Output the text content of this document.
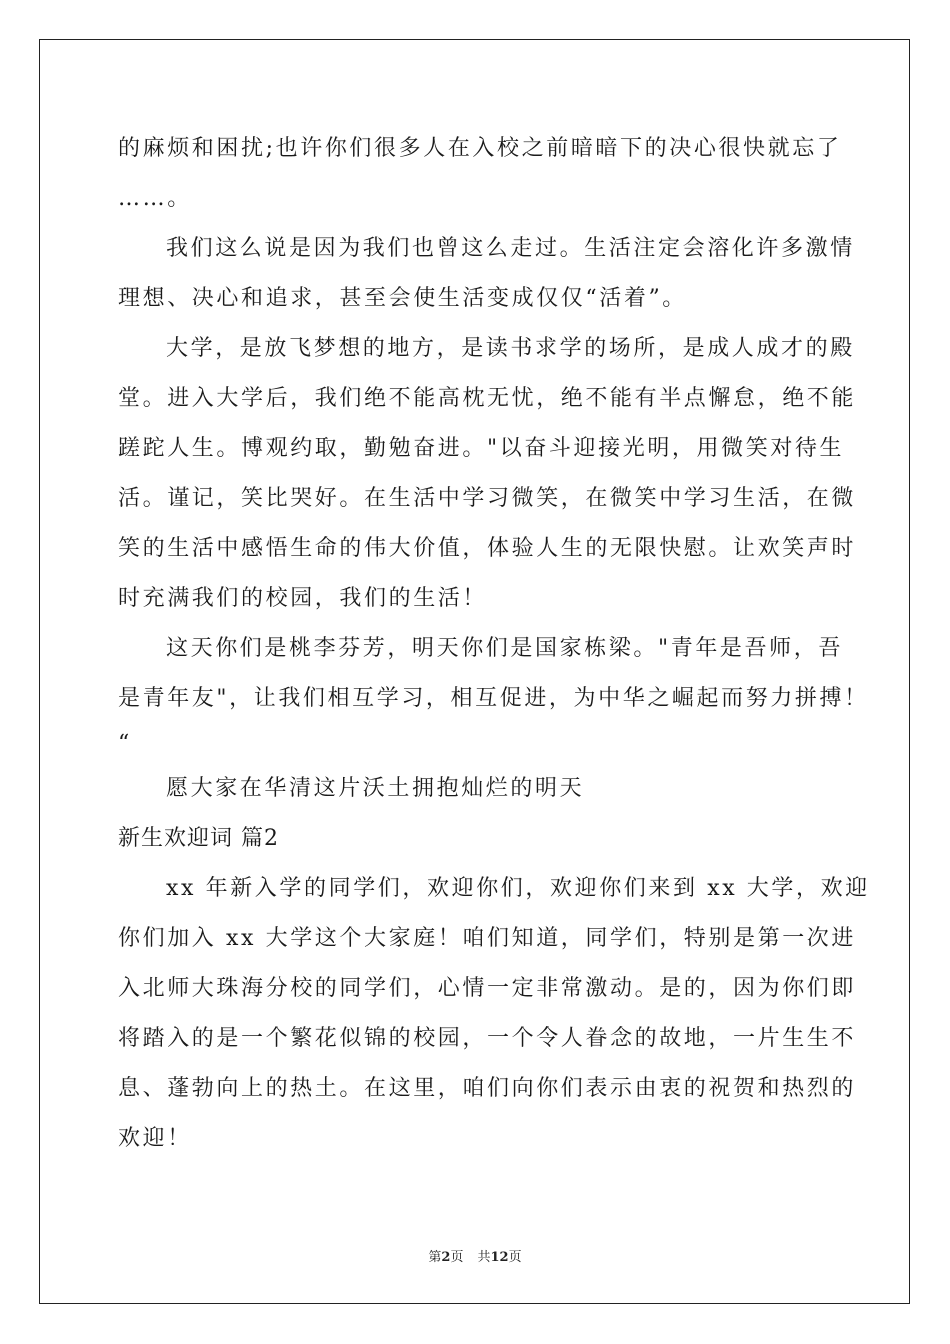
的麻烦和困扰;也许你们很多人在入校之前暗暗下的决心很快就忘了
……。
我们这么说是因为我们也曾这么走过。生活注定会溶化许多激情
理想、决心和追求，甚至会使生活变成仅仅“活着”。
大学，是放飞梦想的地方，是读书求学的场所，是成人成才的殿
堂。进入大学后，我们绝不能高枕无忧，绝不能有半点懈怠，绝不能
蹉跎人生。博观约取，勤勉奋进。"以奋斗迎接光明，用微笑对待生
活。谨记，笑比哭好。在生活中学习微笑，在微笑中学习生活，在微
笑的生活中感悟生命的伟大价值，体验人生的无限快慰。让欢笑声时
时充满我们的校园，我们的生活！
这天你们是桃李芬芳，明天你们是国家栋梁。"青年是吾师，吾
是青年友"，让我们相互学习，相互促进，为中华之崛起而努力拼搏！
“
愿大家在华清这片沃土拥抱灿烂的明天
新生欢迎词 篇2
xx 年新入学的同学们，欢迎你们，欢迎你们来到 xx 大学，欢迎
你们加入 xx 大学这个大家庭！咱们知道，同学们，特别是第一次进
入北师大珠海分校的同学们，心情一定非常激动。是的，因为你们即
将踏入的是一个繁花似锦的校园，一个令人眷念的故地，一片生生不
息、蓬勃向上的热土。在这里，咱们向你们表示由衷的祝贺和热烈的
欢迎！
第2页 共12页
